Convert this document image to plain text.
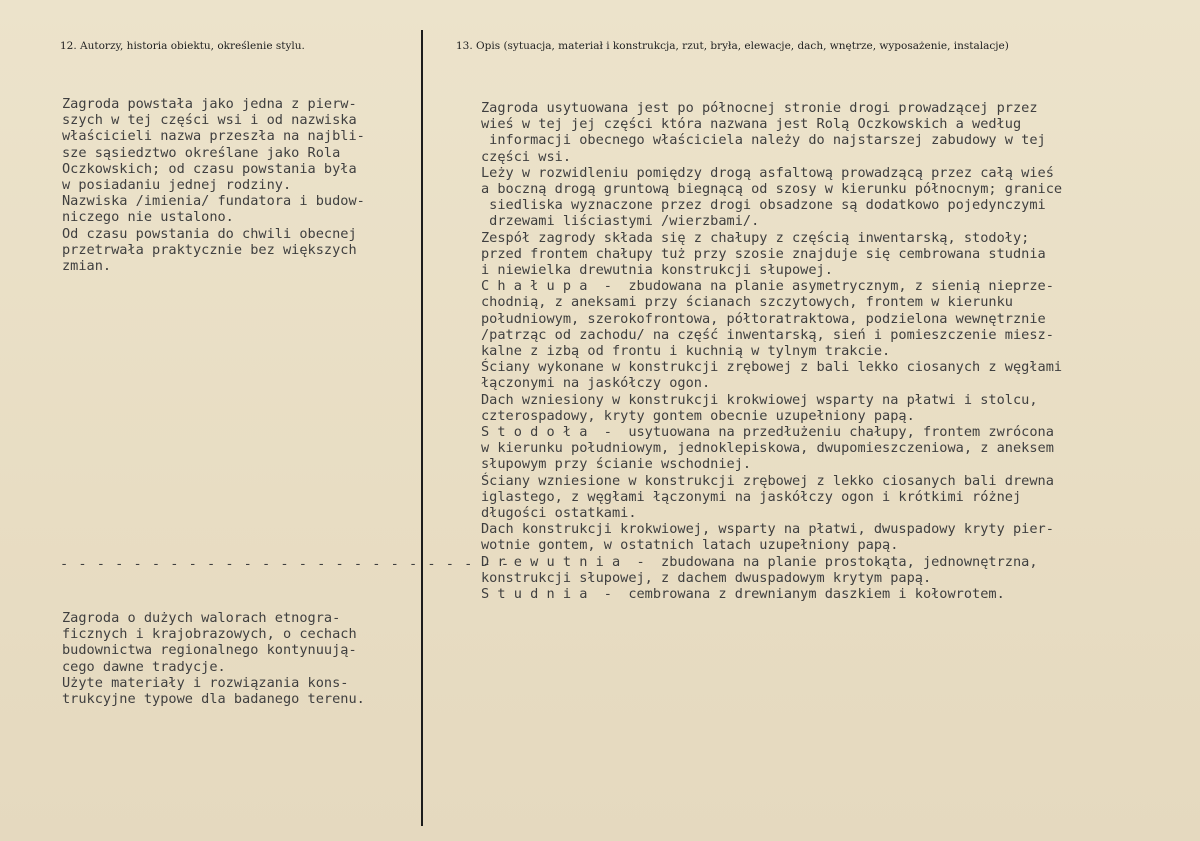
12. Autorzy, historia obiektu, określenie stylu.	13. Opis (sytuacja, materiał i konstrukcja, rzut, bryła, elewacje, dach, wnętrze, wyposażenie, instalacje)
Zagroda powstała jako jedna z pierw-
szych w tej części wsi i od nazwiska
właścicieli nazwa przeszła na najbli-
sze sąsiedztwo określane jako Rola
Oczkowskich; od czasu powstania była
w posiadaniu jednej rodziny.
Nazwiska /imienia/ fundatora i budow-
niczego nie ustalono.
Od czasu powstania do chwili obecnej
przetrwała praktycznie bez większych
zmian.
- - - - - - - - - - - - - - - - - - - - - - - - -
Zagroda o dużych walorach etnogra-
ficznych i krajobrazowych, o cechach
budownictwa regionalnego kontynuują-
cego dawne tradycje.
Użyte materiały i rozwiązania kons-
trukcyjne typowe dla badanego terenu.
Zagroda usytuowana jest po północnej stronie drogi prowadzącej przez
wieś w tej jej części która nazwana jest Rolą Oczkowskich a według
informacji obecnego właściciela należy do najstarszej zabudowy w tej
części wsi.
Leży w rozwidleniu pomiędzy drogą asfaltową prowadzącą przez całą wieś
a boczną drogą gruntową biegnącą od szosy w kierunku północnym; granice
siedliska wyznaczone przez drogi obsadzone są dodatkowo pojedynczymi
drzewami liściastymi /wierzbami/.
Zespół zagrody składa się z chałupy z częścią inwentarską, stodoły;
przed frontem chałupy tuż przy szosie znajduje się cembrowana studnia
i niewielka drewutnia konstrukcji słupowej.
C h a ł u p a  -  zbudowana na planie asymetrycznym, z sienią nieprze-
chodnią, z aneksami przy ścianach szczytowych, frontem w kierunku
południowym, szerokofrontowa, półtoratraktowa, podzielona wewnętrznie
/patrząc od zachodu/ na część inwentarską, sień i pomieszczenie miesz-
kalne z izbą od frontu i kuchnią w tylnym trakcie.
Ściany wykonane w konstrukcji zrębowej z bali lekko ciosanych z węgłami
łączonymi na jaskółczy ogon.
Dach wzniesiony w konstrukcji krokwiowej wsparty na płatwi i stolcu,
czterospadowy, kryty gontem obecnie uzupełniony papą.
S t o d o ł a  -  usytuowana na przedłużeniu chałupy, frontem zwrócona
w kierunku południowym, jednoklepiskowa, dwupomieszczeniowa, z aneksem
słupowym przy ścianie wschodniej.
Ściany wzniesione w konstrukcji zrębowej z lekko ciosanych bali drewna
iglastego, z węgłami łączonymi na jaskółczy ogon i krótkimi różnej
długości ostatkami.
Dach konstrukcji krokwiowej, wsparty na płatwi, dwuspadowy kryty pier-
wotnie gontem, w ostatnich latach uzupełniony papą.
D r e w u t n i a  -  zbudowana na planie prostokąta, jednownętrzna,
konstrukcji słupowej, z dachem dwuspadowym krytym papą.
S t u d n i a  -  cembrowana z drewnianym daszkiem i kołowrotem.
